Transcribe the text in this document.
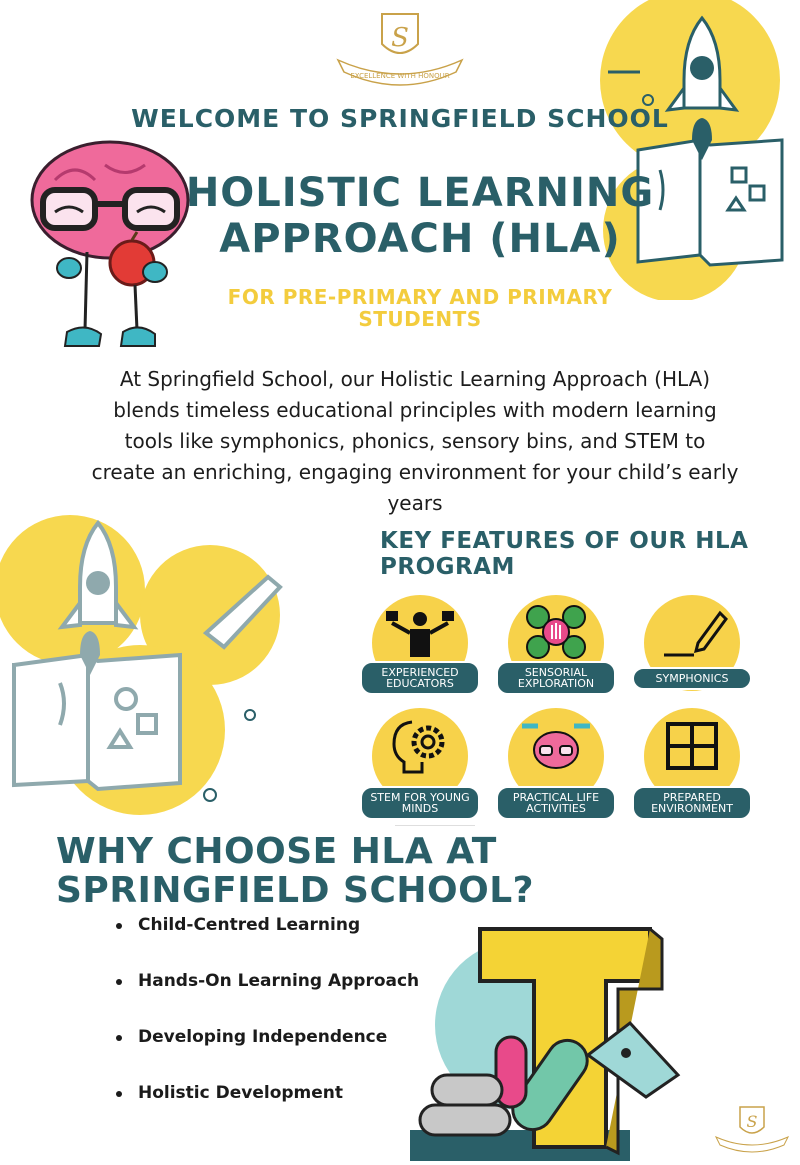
S
EXCELLENCE WITH HONOUR
WELCOME TO SPRINGFIELD SCHOOL
HOLISTIC LEARNING APPROACH (HLA)
FOR PRE-PRIMARY AND PRIMARY STUDENTS
At Springfield School, our Holistic Learning Approach (HLA) blends timeless educational principles with modern learning tools like symphonics, phonics, sensory bins, and STEM to create an enriching, engaging environment for your child’s early years
KEY FEATURES OF OUR HLA PROGRAM
EXPERIENCED EDUCATORS
SENSORIAL EXPLORATION	SYMPHONICS
STEM FOR YOUNG MINDS
PRACTICAL LIFE ACTIVITIES
PREPARED ENVIRONMENT
WHY CHOOSE HLA AT SPRINGFIELD SCHOOL?
Child-Centred Learning
Hands-On Learning Approach
Developing Independence
Holistic Development
S
